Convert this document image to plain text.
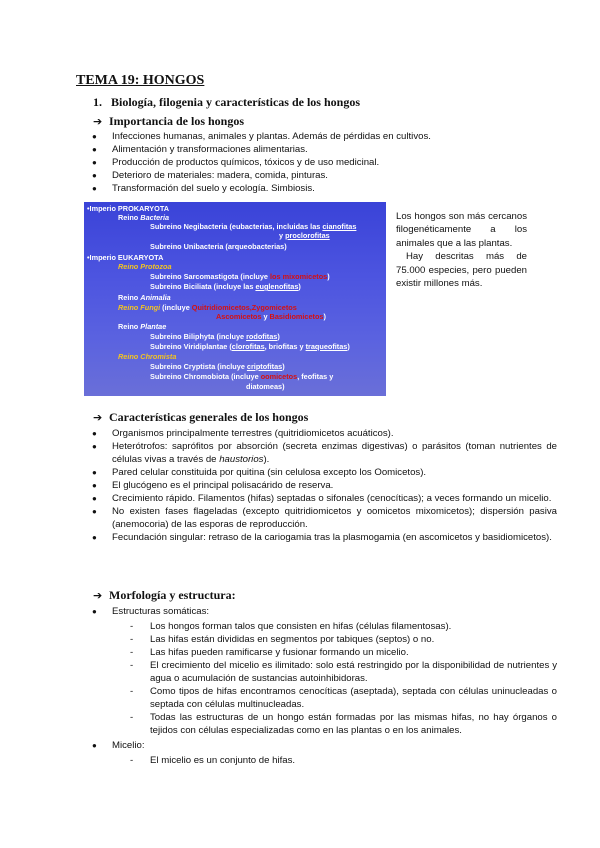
TEMA 19: HONGOS
1.   Biología, filogenia y características de los hongos
➔ Importancia de los hongos
● Infecciones humanas, animales y plantas. Además de pérdidas en cultivos.
● Alimentación y transformaciones alimentarias.
● Producción de productos químicos, tóxicos y de uso medicinal.
● Deterioro de materiales: madera, comida, pinturas.
● Transformación del suelo y ecología. Simbiosis.
•Imperio PROKARYOTA
Reino Bacteria
Subreino Negibacteria (eubacterias, incluidas las cianofitas
y proclorofitas
Subreino Unibacteria (arqueobacterias)
•Imperio EUKARYOTA
Reino Protozoa
Subreino Sarcomastigota (incluye los mixomicetos)
Subreino Biciliata (incluye las euglenofitas)
Reino Animalia
Reino Fungi (incluye Quitridiomicetos,Zygomicetos
Ascomicetos y Basidiomicetos)
Reino Plantae
Subreino Biliphyta (incluye rodofitas)
Subreino Viridiplantae (clorofitas, briofitas y traqueofitas)
Reino Chromista
Subreino Cryptista (incluye criptofitas)
Subreino Chromobiota (incluye oomicetos, feofitas y
diatomeas)

Los hongos son más cercanos filogenéticamente a los animales que a las plantas.

Hay descritas más de 75.000 especies, pero pueden existir millones más.

➔ Características generales de los hongos
● Organismos principalmente terrestres (quitridiomicetos acuáticos).
● Heterótrofos: saprófitos por absorción (secreta enzimas digestivas) o parásitos (toman nutrientes de células vivas a través de haustorios).
● Pared celular constituida por quitina (sin celulosa excepto los Oomicetos).
● El glucógeno es el principal polisacárido de reserva.
● Crecimiento rápido. Filamentos (hifas) septadas o sifonales (cenocíticas); a veces formando un micelio.
● No existen fases flageladas (excepto quitridiomicetos y oomicetos mixomicetos); dispersión pasiva (anemocoria) de las esporas de reproducción.
● Fecundación singular: retraso de la cariogamia tras la plasmogamia (en ascomicetos y basidiomicetos).
➔ Morfología y estructura:
● Estructuras somáticas:
- Los hongos forman talos que consisten en hifas (células filamentosas).
- Las hifas están divididas en segmentos por tabiques (septos) o no.
- Las hifas pueden ramificarse y fusionar formando un micelio.
- El crecimiento del micelio es ilimitado: solo está restringido por la disponibilidad de nutrientes y agua o acumulación de sustancias autoinhibidoras.
- Como tipos de hifas encontramos cenocíticas (aseptada), septada con células uninucleadas o septada con células multinucleadas.
- Todas las estructuras de un hongo están formadas por las mismas hifas, no hay órganos o tejidos con células especializadas como en las plantas o en los animales.
● Micelio:
- El micelio es un conjunto de hifas.
